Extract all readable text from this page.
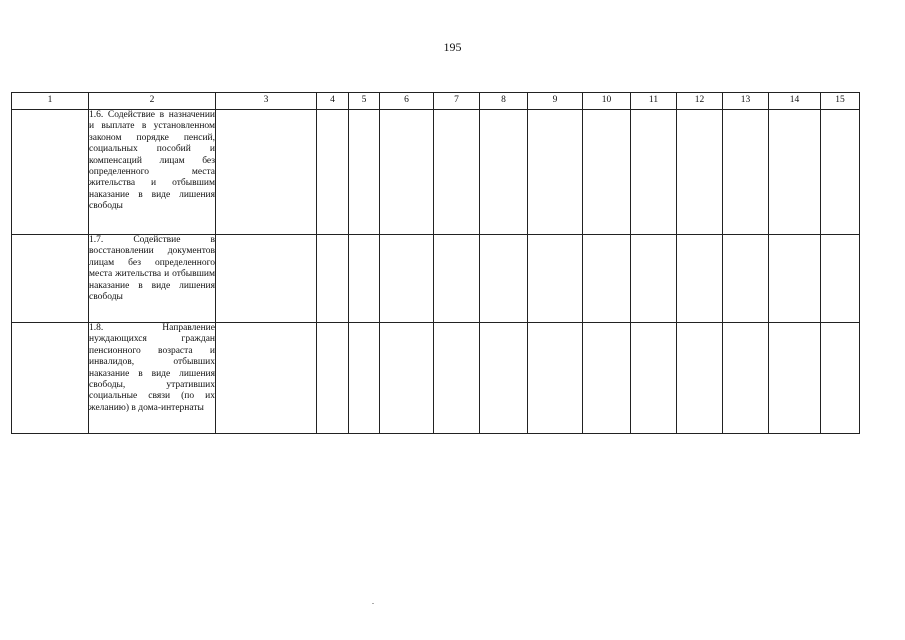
195
1	2	3	4	5	6	7	8	9	10	11	12	13	14	15
	1.6. Содействие в назначении и выплате в установленном законом порядке пенсий, социальных пособий и компенсаций лицам без определенного места жительства и отбывшим наказание в виде лишения свободы													
	1.7. Содействие в восстановлении документов лицам без определенного места жительства и отбывшим наказание в виде лишения свободы													
	1.8. Направление нуждающихся граждан пенсионного возраста и инвалидов, отбывших наказание в виде лишения свободы, утративших социальные связи (по их желанию) в дома-интернаты													
